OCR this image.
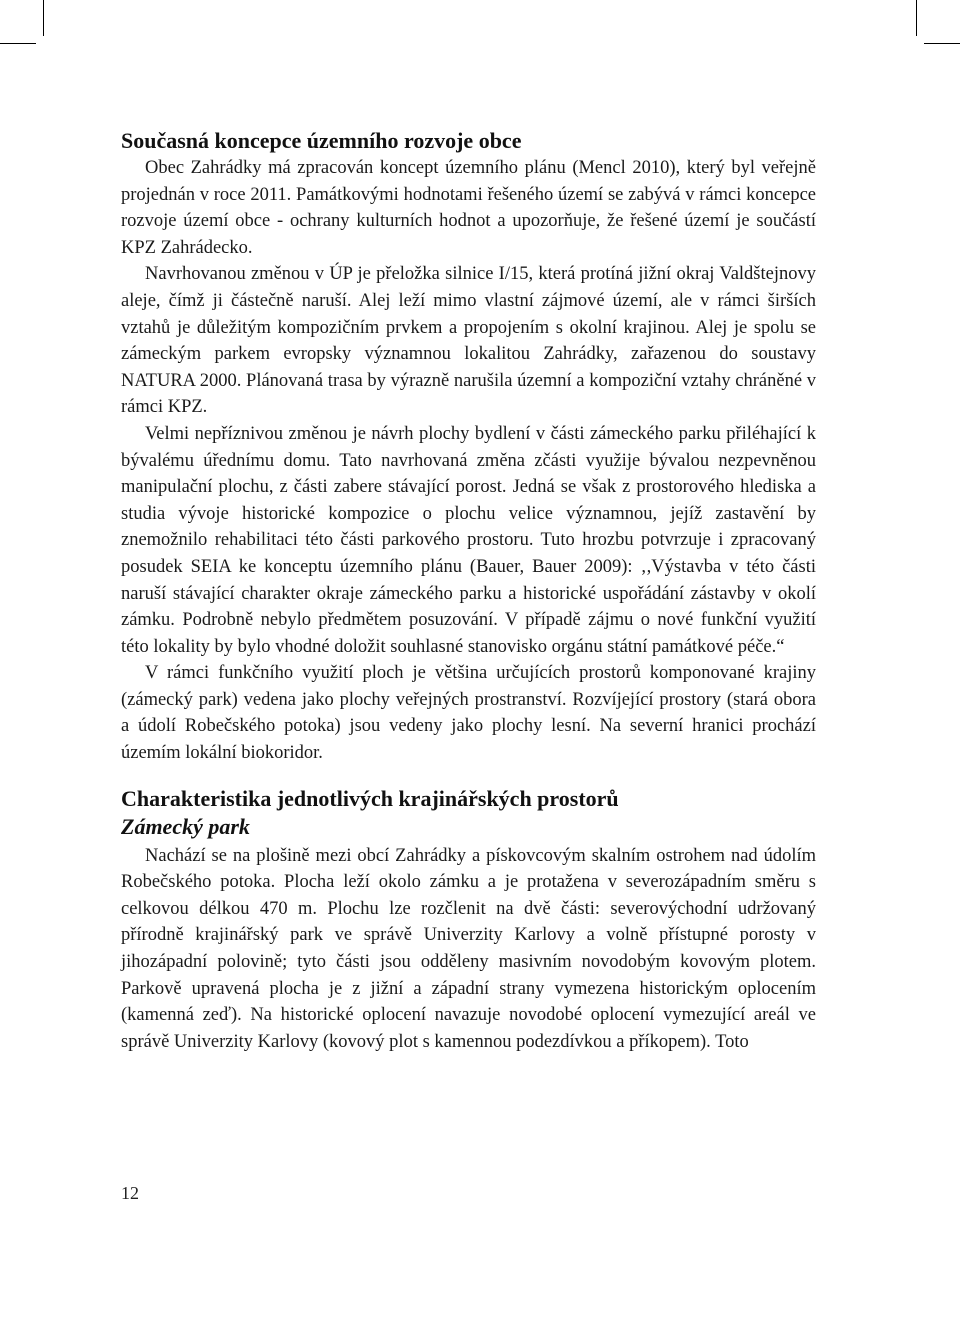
Současná koncepce územního rozvoje obce

Obec Zahrádky má zpracován koncept územního plánu (Mencl 2010), který byl veřejně projednán v roce 2011. Památkovými hodnotami řešeného území se zabývá v rámci koncepce rozvoje území obce - ochrany kulturních hodnot a upozorňuje, že řešené území je součástí KPZ Zahrádecko.

Navrhovanou změnou v ÚP je přeložka silnice I/15, která protíná jižní okraj Valdštejnovy aleje, čímž ji částečně naruší. Alej leží mimo vlastní zájmové území, ale v rámci širších vztahů je důležitým kompozičním prvkem a propojením s okolní krajinou. Alej je spolu se zámeckým parkem evropsky významnou lokalitou Zahrádky, zařazenou do soustavy NATURA 2000. Plánovaná trasa by výrazně narušila územní a kompoziční vztahy chráněné v rámci KPZ.

Velmi nepříznivou změnou je návrh plochy bydlení v části zámeckého parku přiléhající k bývalému úřednímu domu. Tato navrhovaná změna zčásti využije bývalou nezpevněnou manipulační plochu, z části zabere stávající porost. Jedná se však z prostorového hlediska a studia vývoje historické kompozice o plochu velice významnou, jejíž zastavění by znemožnilo rehabilitaci této části parkového prostoru. Tuto hrozbu potvrzuje i zpracovaný posudek SEIA ke konceptu územního plánu (Bauer, Bauer 2009): ‚,Výstavba v této části naruší stávající charakter okraje zámeckého parku a historické uspořádání zástavby v okolí zámku. Podrobně nebylo předmětem posuzování. V případě zájmu o nové funkční využití této lokality by bylo vhodné doložit souhlasné stanovisko orgánu státní památkové péče.“

V rámci funkčního využití ploch je většina určujících prostorů komponované krajiny (zámecký park) vedena jako plochy veřejných prostranství. Rozvíjející prostory (stará obora a údolí Robečského potoka) jsou vedeny jako plochy lesní. Na severní hranici prochází územím lokální biokoridor.

Charakteristika jednotlivých krajinářských prostorů
Zámecký park

Nachází se na plošině mezi obcí Zahrádky a pískovcovým skalním ostrohem nad údolím Robečského potoka. Plocha leží okolo zámku a je protažena v severozápadním směru s celkovou délkou 470 m. Plochu lze rozčlenit na dvě části: severovýchodní udržovaný přírodně krajinářský park ve správě Univerzity Karlovy a volně přístupné porosty v jihozápadní polovině; tyto části jsou odděleny masivním novodobým kovovým plotem. Parkově upravená plocha je z jižní a západní strany vymezena historickým oplocením (kamenná zeď). Na historické oplocení navazuje novodobé oplocení vymezující areál ve správě Univerzity Karlovy (kovový plot s kamennou podezdívkou a příkopem). Toto

12
